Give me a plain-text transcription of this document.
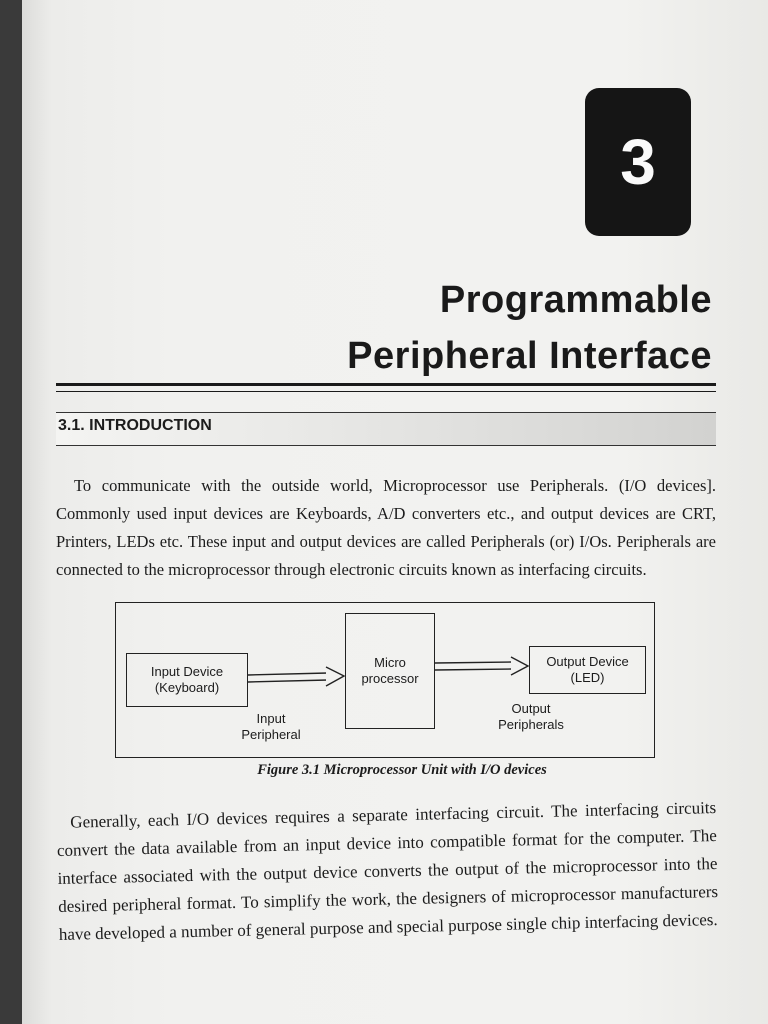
3
Programmable
Peripheral Interface
3.1. INTRODUCTION

To communicate with the outside world, Microprocessor use Peripherals. (I/O devices]. Commonly used input devices are Keyboards, A/D converters etc., and output devices are CRT, Printers, LEDs etc. These input and output devices are called Peripherals (or) I/Os. Peripherals are connected to the microprocessor through electronic circuits known as interfacing circuits.

Input Device
(Keyboard)
Micro
processor
Output Device
(LED)
Input
Peripheral
Output
Peripherals
Figure 3.1 Microprocessor Unit with I/O devices

Generally, each I/O devices requires a separate interfacing circuit. The interfacing circuits convert the data available from an input device into compatible format for the computer. The interface associated with the output device converts the output of the microprocessor into the desired peripheral format. To simplify the work, the designers of microprocessor manufacturers have developed a number of general purpose and special purpose single chip interfacing devices.
